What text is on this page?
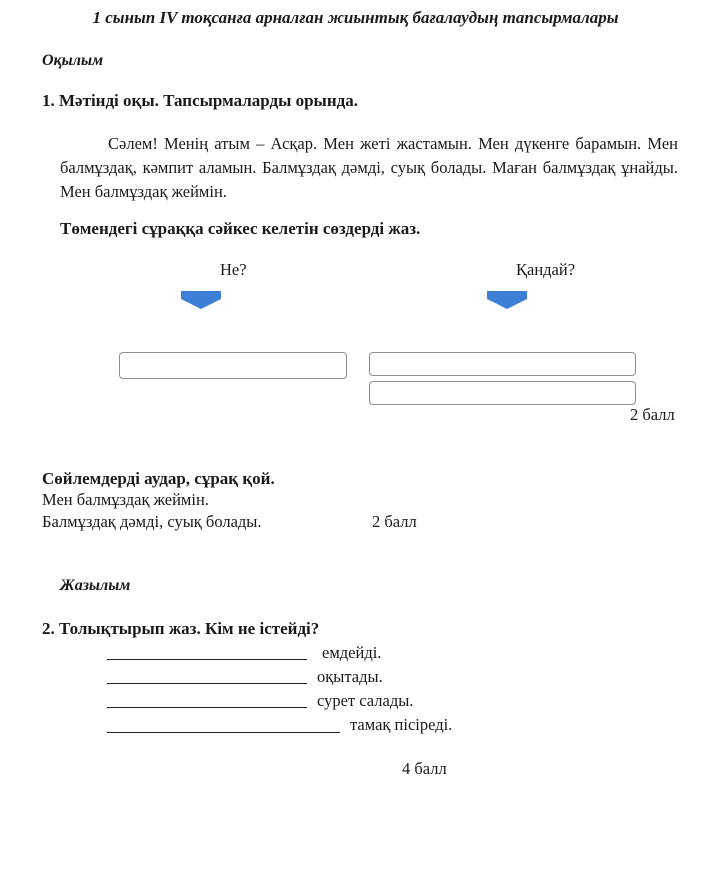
1 сынып IV тоқсанға арналған жиынтық бағалаудың тапсырмалары
Оқылым
1. Мәтінді оқы. Тапсырмаларды орында.
Сәлем! Менің атым – Асқар. Мен жеті жастамын. Мен дүкенге барамын. Мен балмұздақ, кәмпит аламын. Балмұздақ дәмді, суық болады. Маған балмұздақ ұнайды. Мен балмұздақ жеймін.
Төмендегі сұраққа сәйкес келетін сөздерді жаз.
Не?	Қандай?
2 балл
Сөйлемдерді аудар, сұрақ қой.
Мен балмұздақ жеймін.
Балмұздақ дәмді, суық болады.	2 балл
Жазылым
2. Толықтырып жаз. Кім не істейді?
емдейді.
оқытады.
сурет салады.
тамақ пісіреді.
4 балл
